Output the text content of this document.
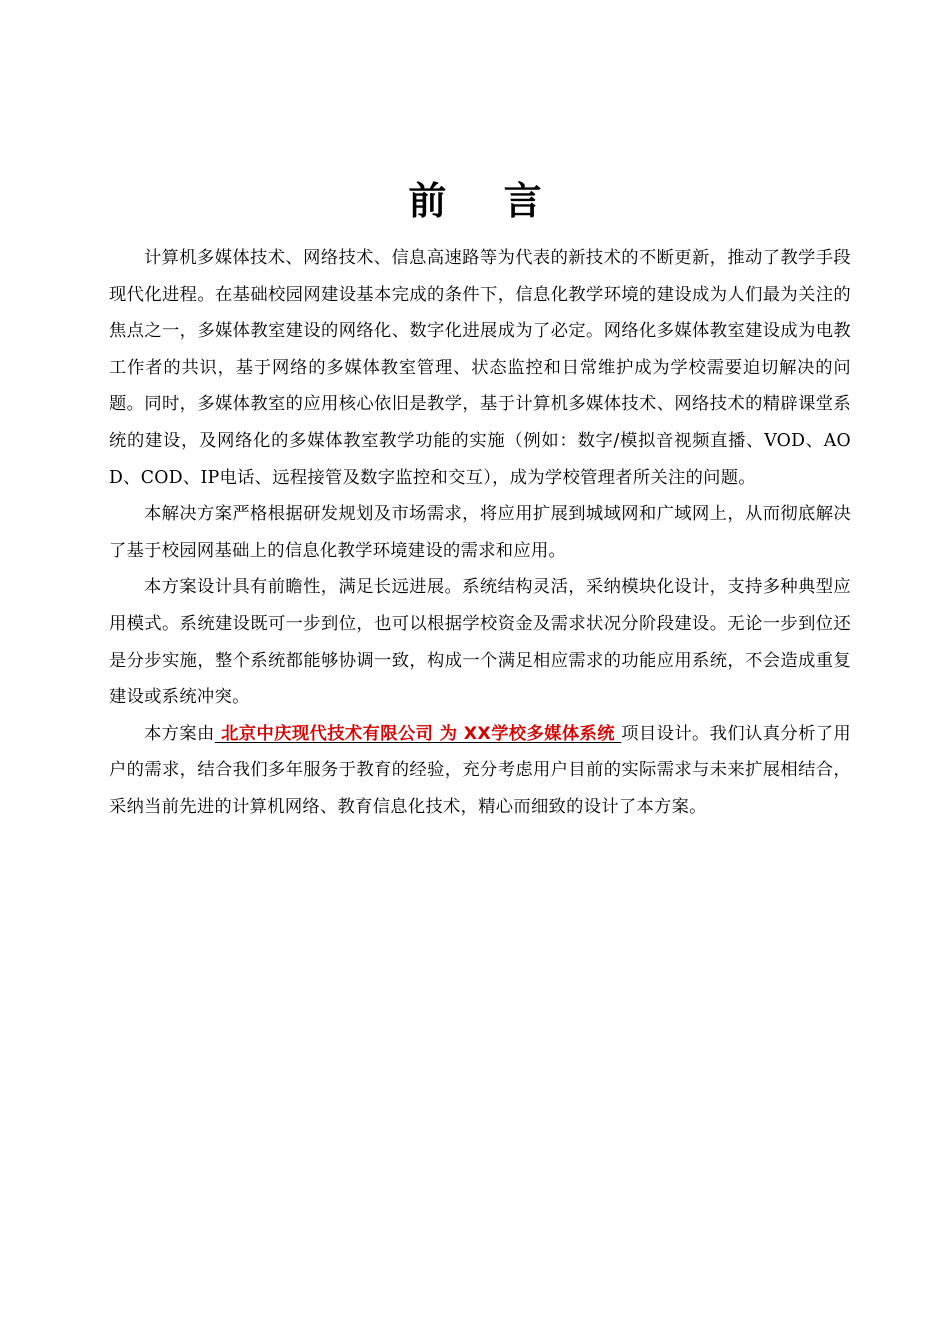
前 言

计算机多媒体技术、网络技术、信息高速路等为代表的新技术的不断更新，推动了教学手段现代化进程。在基础校园网建设基本完成的条件下，信息化教学环境的建设成为人们最为关注的焦点之一，多媒体教室建设的网络化、数字化进展成为了必定。网络化多媒体教室建设成为电教工作者的共识，基于网络的多媒体教室管理、状态监控和日常维护成为学校需要迫切解决的问题。同时，多媒体教室的应用核心依旧是教学，基于计算机多媒体技术、网络技术的精辟课堂系统的建设，及网络化的多媒体教室教学功能的实施（例如：数字/模拟音视频直播、VOD、AOD、COD、IP电话、远程接管及数字监控和交互），成为学校管理者所关注的问题。

本解决方案严格根据研发规划及市场需求，将应用扩展到城域网和广域网上，从而彻底解决了基于校园网基础上的信息化教学环境建设的需求和应用。

本方案设计具有前瞻性，满足长远进展。系统结构灵活，采纳模块化设计，支持多种典型应用模式。系统建设既可一步到位，也可以根据学校资金及需求状况分阶段建设。无论一步到位还是分步实施，整个系统都能够协调一致，构成一个满足相应需求的功能应用系统，不会造成重复建设或系统冲突。

本方案由 北京中庆现代技术有限公司 为 XX学校多媒体系统 项目设计。我们认真分析了用户的需求，结合我们多年服务于教育的经验，充分考虑用户目前的实际需求与未来扩展相结合，采纳当前先进的计算机网络、教育信息化技术，精心而细致的设计了本方案。
